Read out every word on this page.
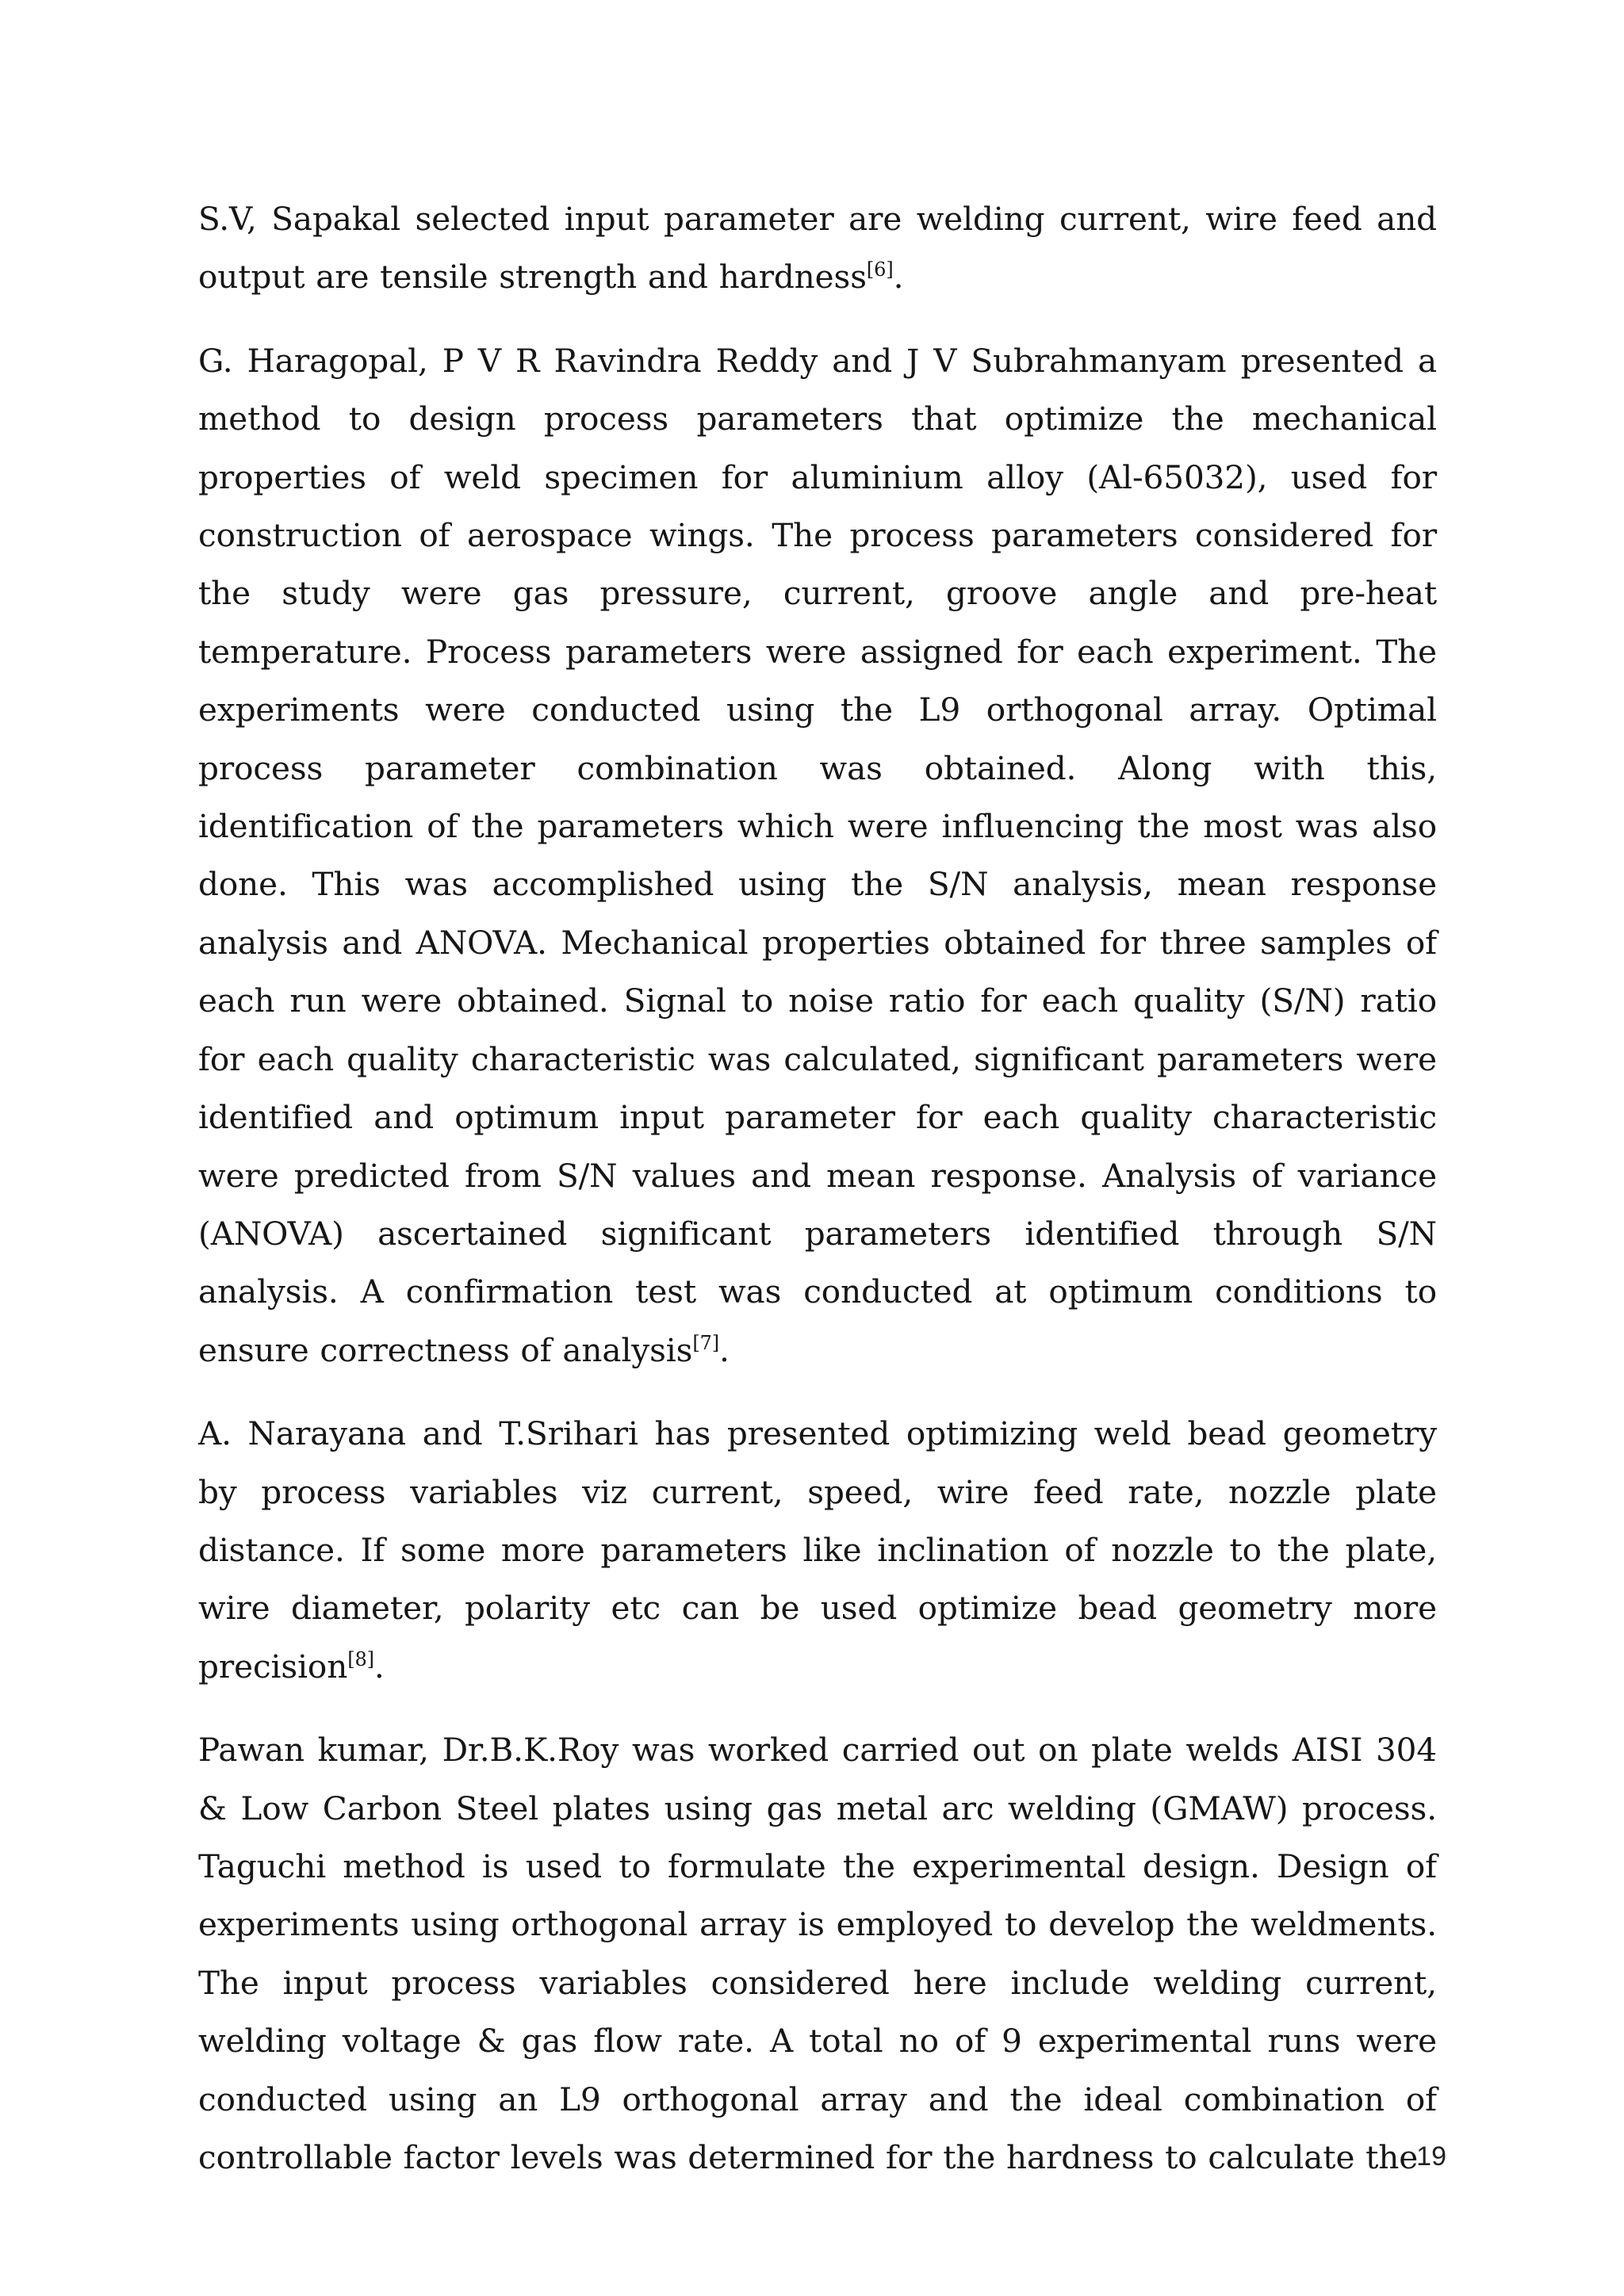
S.V, Sapakal selected input parameter are welding current, wire feed and output are tensile strength and hardness[6].

G. Haragopal, P V R Ravindra Reddy and J V Subrahmanyam presented a method to design process parameters that optimize the mechanical properties of weld specimen for aluminium alloy (Al-65032), used for construction of aerospace wings. The process parameters considered for the study were gas pressure, current, groove angle and pre-heat temperature. Process parameters were assigned for each experiment. The experiments were conducted using the L9 orthogonal array. Optimal process parameter combination was obtained. Along with this, identification of the parameters which were influencing the most was also done. This was accomplished using the S/N analysis, mean response analysis and ANOVA. Mechanical properties obtained for three samples of each run were obtained. Signal to noise ratio for each quality (S/N) ratio for each quality characteristic was calculated, significant parameters were identified and optimum input parameter for each quality characteristic were predicted from S/N values and mean response. Analysis of variance (ANOVA) ascertained significant parameters identified through S/N analysis. A confirmation test was conducted at optimum conditions to ensure correctness of analysis[7].

A. Narayana and T.Srihari has presented optimizing weld bead geometry by process variables viz current, speed, wire feed rate, nozzle plate distance. If some more parameters like inclination of nozzle to the plate, wire diameter, polarity etc can be used optimize bead geometry more precision[8].

Pawan kumar, Dr.B.K.Roy was worked carried out on plate welds AISI 304 & Low Carbon Steel plates using gas metal arc welding (GMAW) process. Taguchi method is used to formulate the experimental design. Design of experiments using orthogonal array is employed to develop the weldments. The input process variables considered here include welding current, welding voltage & gas flow rate. A total no of 9 experimental runs were conducted using an L9 orthogonal array and the ideal combination of controllable factor levels was determined for the hardness to calculate the

19
